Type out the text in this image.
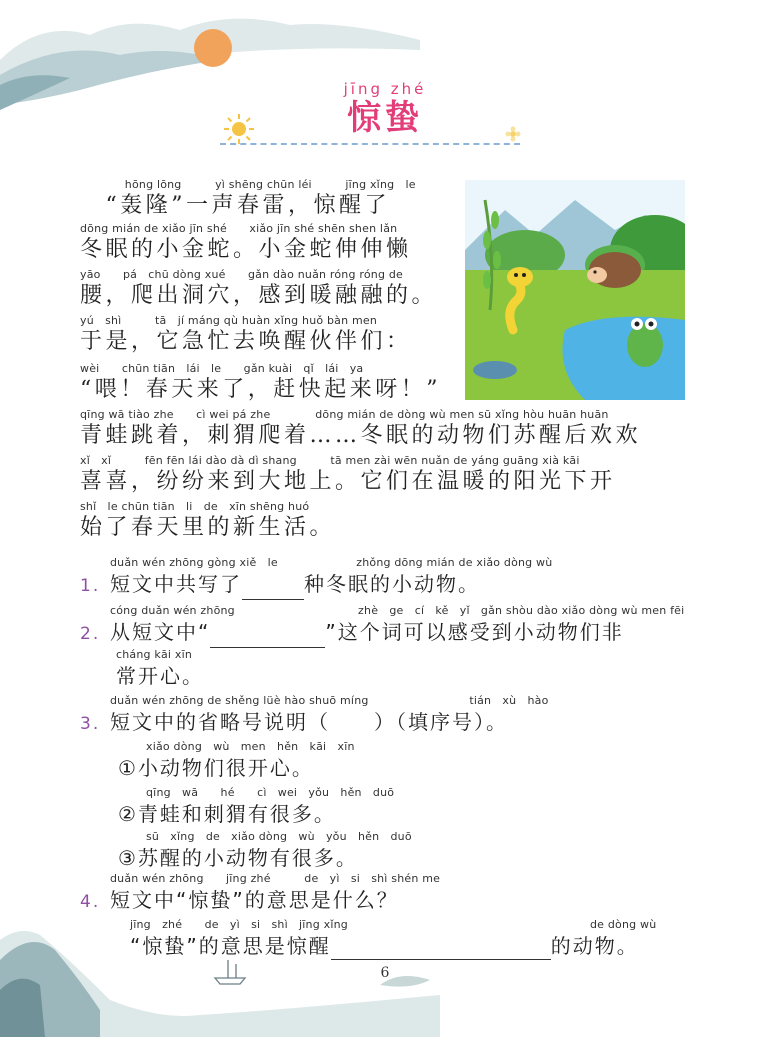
jīng zhé
惊蛰
　　　　hōng lōng　　　yì shēng chūn léi　　　jīng xǐng　le
　“轰隆”一声春雷，惊醒了
dōng mián de xiǎo jīn shé　　xiǎo jīn shé shēn shen lǎn
冬眠的小金蛇。小金蛇伸伸懒
yāo　　pá　chū dòng xué　　gǎn dào nuǎn róng róng de
腰，爬出洞穴，感到暖融融的。
yú　shì　　　tā　jí máng qù huàn xǐng huǒ bàn men
于是，它急忙去唤醒伙伴们：
wèi　　chūn tiān　lái　le　　gǎn kuài　qǐ　lái　ya
“喂！春天来了，赶快起来呀！”
qīng wā tiào zhe　　cì wei pá zhe　　　　dōng mián de dòng wù men sū xǐng hòu huān huān
青蛙跳着，刺猬爬着……冬眠的动物们苏醒后欢欢
xǐ　xǐ　　　fēn fēn lái dào dà dì shang　　　tā men zài wēn nuǎn de yáng guāng xià kāi
喜喜，纷纷来到大地上。它们在温暖的阳光下开
shǐ　le chūn tiān　li　de　xīn shēng huó
始了春天里的新生活。
duǎn wén zhōng gòng xiě　le　　　　　　　zhǒng dōng mián de xiǎo dòng wù
1. 短文中共写了	种冬眠的小动物。
cóng duǎn wén zhōng　　　　　　　　　　　zhè　ge　cí　kě　yǐ　gǎn shòu dào xiǎo dòng wù men fēi
2. 从短文中“	”这个词可以感受到小动物们非
cháng kāi xīn
常开心。
duǎn wén zhōng de shěng lüè hào shuō míng　　　　　　　　　tián　xù　hào
3. 短文中的省略号说明（　　）（填序号）。
xiǎo dòng　wù　men　hěn　kāi　xīn
①小动物们很开心。
qīng　wā　　hé　　cì　wei　yǒu　hěn　duō
②青蛙和刺猬有很多。
sū　xǐng　de　xiǎo dòng　wù　yǒu　hěn　duō
③苏醒的小动物有很多。
duǎn wén zhōng　　jīng zhé　　　de　yì　si　shì shén me
4. 短文中“惊蛰”的意思是什么？
jīng　zhé　　de　yì　si　shì　jīng xǐng	de dòng wù
“惊蛰”的意思是惊醒	的动物。
6
